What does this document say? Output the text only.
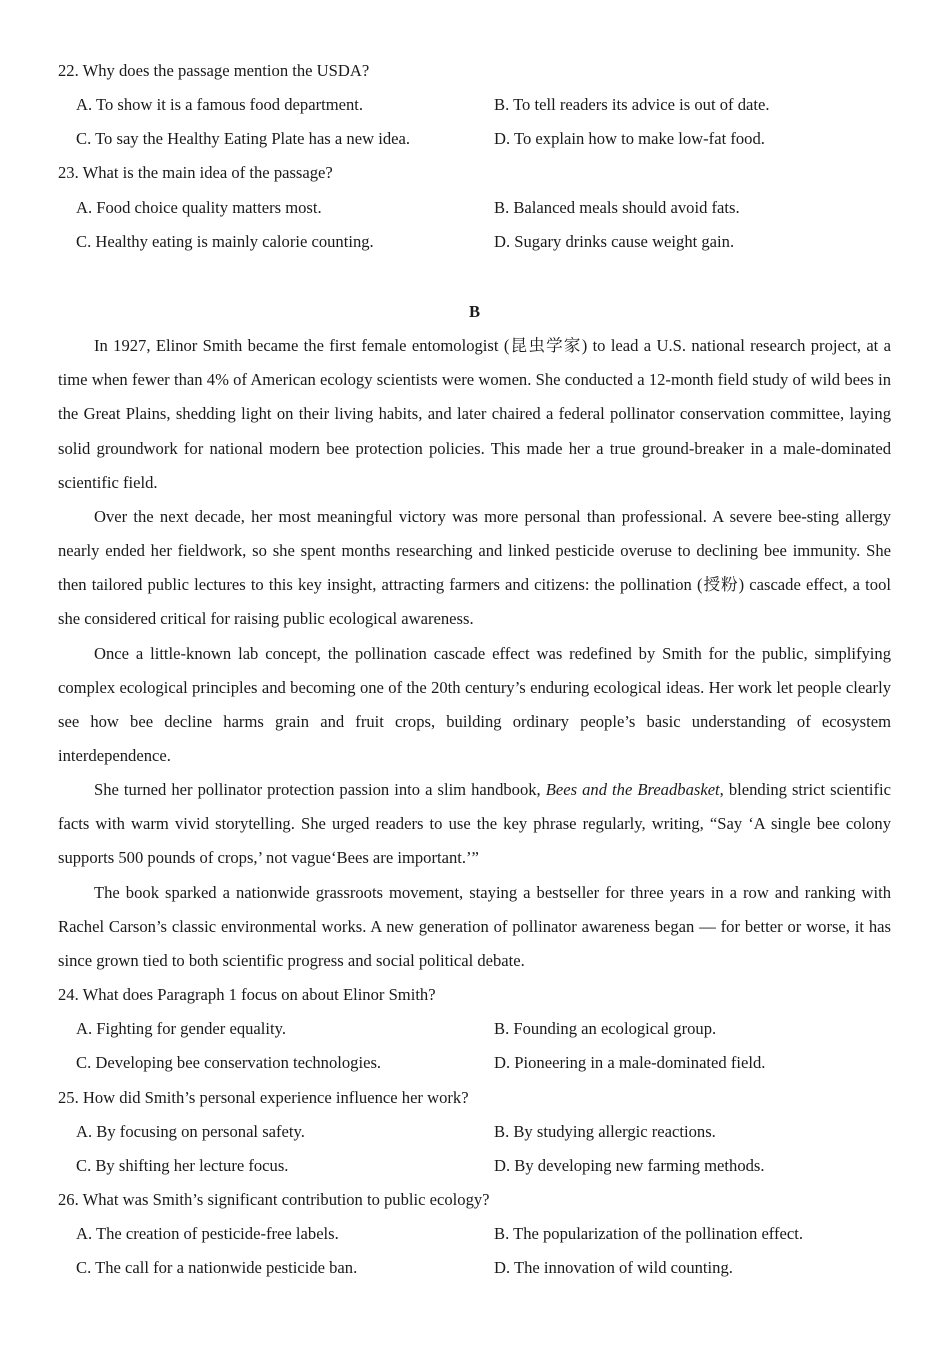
22. Why does the passage mention the USDA?
A. To show it is a famous food department.	B. To tell readers its advice is out of date.
C. To say the Healthy Eating Plate has a new idea.	D. To explain how to make low-fat food.
23. What is the main idea of the passage?
A. Food choice quality matters most.	B. Balanced meals should avoid fats.
C. Healthy eating is mainly calorie counting.	D. Sugary drinks cause weight gain.
B

In 1927, Elinor Smith became the first female entomologist (昆虫学家) to lead a U.S. national research project, at a time when fewer than 4% of American ecology scientists were women. She conducted a 12-month field study of wild bees in the Great Plains, shedding light on their living habits, and later chaired a federal pollinator conservation committee, laying solid groundwork for national modern bee protection policies. This made her a true ground-breaker in a male-dominated scientific field.

Over the next decade, her most meaningful victory was more personal than professional. A severe bee-sting allergy nearly ended her fieldwork, so she spent months researching and linked pesticide overuse to declining bee immunity. She then tailored public lectures to this key insight, attracting farmers and citizens: the pollination (授粉) cascade effect, a tool she considered critical for raising public ecological awareness.

Once a little-known lab concept, the pollination cascade effect was redefined by Smith for the public, simplifying complex ecological principles and becoming one of the 20th century’s enduring ecological ideas. Her work let people clearly see how bee decline harms grain and fruit crops, building ordinary people’s basic understanding of ecosystem interdependence.

She turned her pollinator protection passion into a slim handbook, Bees and the Breadbasket, blending strict scientific facts with warm vivid storytelling. She urged readers to use the key phrase regularly, writing, “Say ‘A single bee colony supports 500 pounds of crops,’ not vague‘Bees are important.’”

The book sparked a nationwide grassroots movement, staying a bestseller for three years in a row and ranking with Rachel Carson’s classic environmental works. A new generation of pollinator awareness began — for better or worse, it has since grown tied to both scientific progress and social political debate.

24. What does Paragraph 1 focus on about Elinor Smith?
A. Fighting for gender equality.	B. Founding an ecological group.
C. Developing bee conservation technologies.	D. Pioneering in a male-dominated field.
25. How did Smith’s personal experience influence her work?
A. By focusing on personal safety.	B. By studying allergic reactions.
C. By shifting her lecture focus.	D. By developing new farming methods.
26. What was Smith’s significant contribution to public ecology?
A. The creation of pesticide-free labels.	B. The popularization of the pollination effect.
C. The call for a nationwide pesticide ban.	D. The innovation of wild counting.
